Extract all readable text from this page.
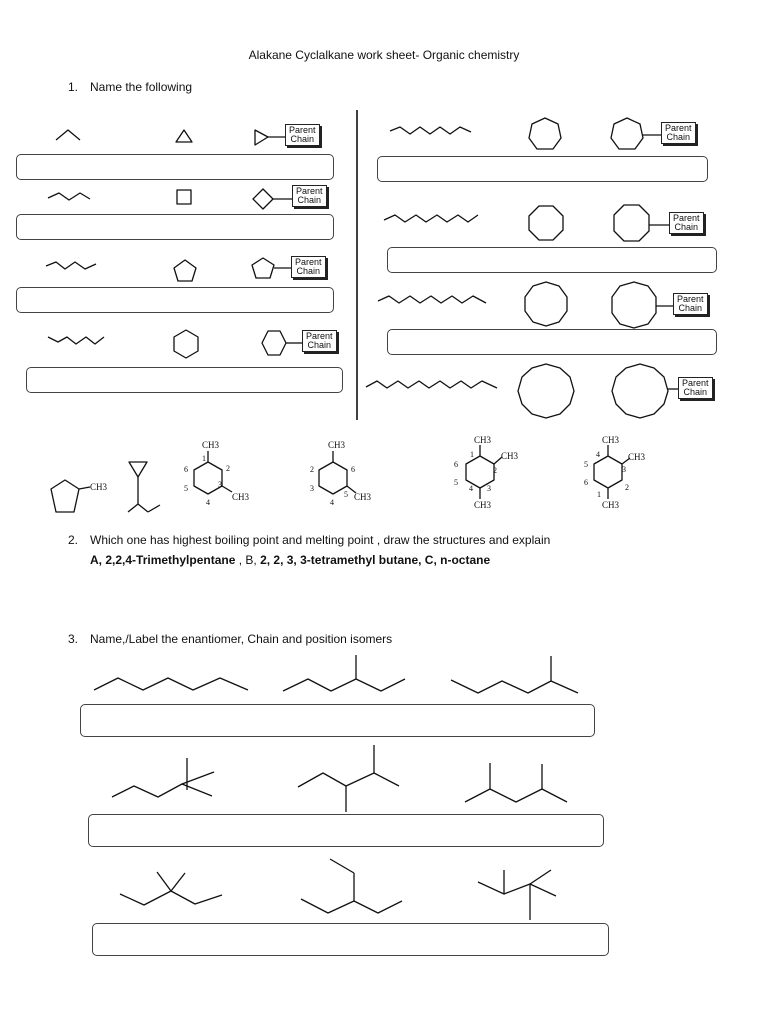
Alakane Cyclalkane work sheet- Organic chemistry
1. Name the following
2. Which one has highest boiling point and melting point , draw the structures and explain
A, 2,2,4-Trimethylpentane , B, 2, 2, 3, 3-tetramethyl butane, C, n-octane
3. Name,/Label the enantiomer, Chain and position isomers
Parent
Chain
Parent
Chain
Parent
Chain
Parent
Chain
Parent
Chain
Parent
Chain
Parent
Chain
Parent
Chain
CH3
CH3
CH3
1
2
3
4
5
6
CH3
CH3
2
3
4
5
6
CH3
CH3
CH3
1
2
3
4
5
6
CH3
CH3
CH3
3
2
1
6
5
4
